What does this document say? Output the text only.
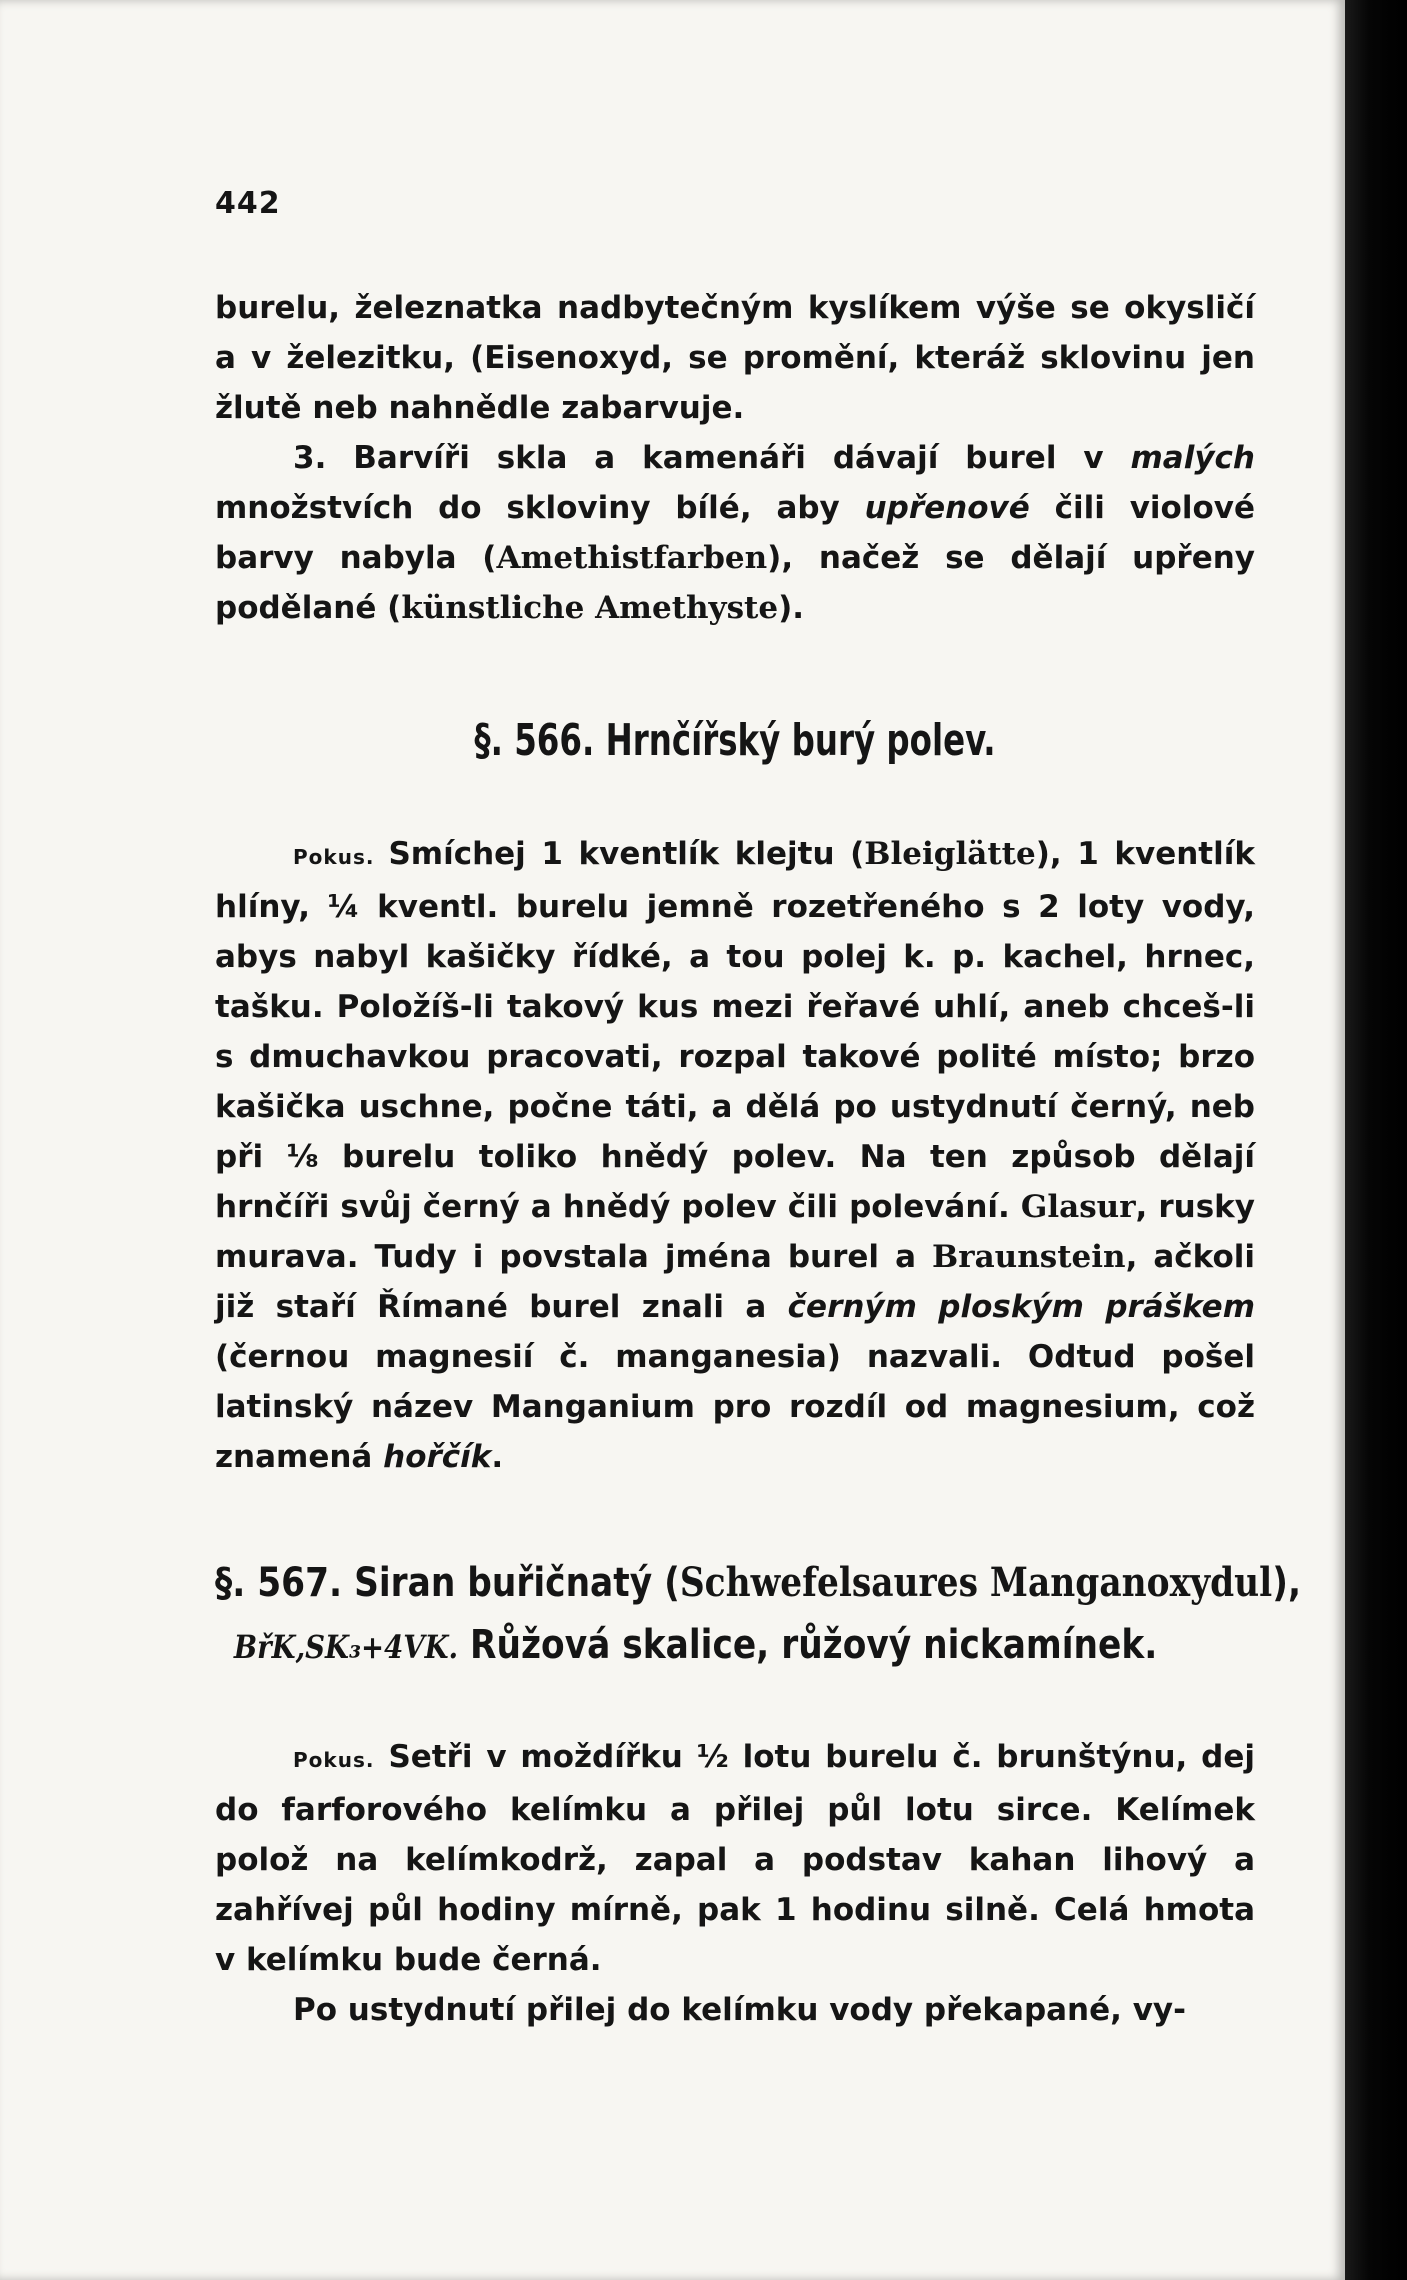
442

burelu, železnatka nadbytečným kyslíkem výše se okysličí a v železitku, (Eisenoxyd, se promění, kteráž sklovinu jen žlutě neb nahnědle zabarvuje.

3. Barvíři skla a kamenáři dávají burel v malých množstvích do skloviny bílé, aby upřenové čili violové barvy nabyla (Amethistfarben), načež se dělají upřeny podělané (künstliche Amethyste).

§. 566. Hrnčířský burý polev.

Pokus. Smíchej 1 kventlík klejtu (Bleiglätte), 1 kventlík hlíny, ¼ kventl. burelu jemně rozetřeného s 2 loty vody, abys nabyl kašičky řídké, a tou polej k. p. kachel, hrnec, tašku. Položíš-li takový kus mezi řeřavé uhlí, aneb chceš-li s dmuchavkou pracovati, rozpal takové polité místo; brzo kašička uschne, počne táti, a dělá po ustydnutí černý, neb při ⅛ burelu toliko hnědý polev. Na ten způsob dělají hrnčíři svůj černý a hnědý polev čili polevání. Glasur, rusky murava. Tudy i povstala jména burel a Braunstein, ačkoli již staří Římané burel znali a černým ploským práškem (černou magnesií č. manganesia) nazvali. Odtud pošel latinský název Manganium pro rozdíl od magnesium, což znamená hořčík.

§. 567. Siran buřičnatý (Schwefelsaures Manganoxydul),
BřK,SK₃+4VK. Růžová skalice, růžový nickamínek.

Pokus. Setři v moždířku ½ lotu burelu č. brunštýnu, dej do farforového kelímku a přilej půl lotu sirce. Kelímek polož na kelímkodrž, zapal a podstav kahan lihový a zahřívej půl hodiny mírně, pak 1 hodinu silně. Celá hmota v kelímku bude černá.

Po ustydnutí přilej do kelímku vody překapané, vy-
